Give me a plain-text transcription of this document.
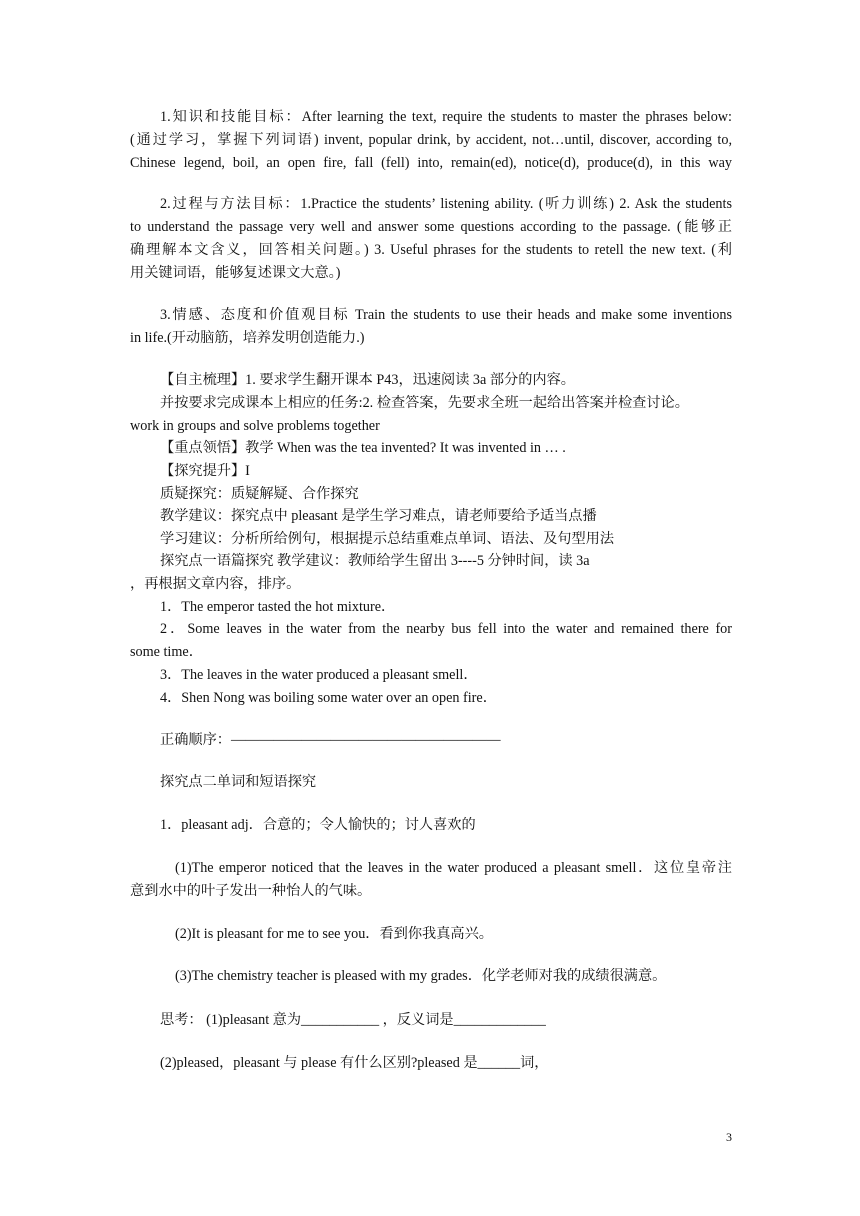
1.知识和技能目标：After learning the text, require the students to master the phrases below:
(通过学习，掌握下列词语) invent, popular drink, by accident, not…until, discover, according to,
Chinese legend, boil, an open fire, fall (fell) into, remain(ed), notice(d), produce(d), in this way
2.过程与方法目标：1.Practice the students’ listening ability. (听力训练) 2. Ask the students
to understand the passage very well and answer some questions according to the passage. (能够正
确理解本文含义，回答相关问题。) 3. Useful phrases for the students to retell the new text. (利
用关键词语，能够复述课文大意。)
3.情感、态度和价值观目标 Train the students to use their heads and make some inventions
in life.(开动脑筋，培养发明创造能力.)
【自主梳理】1. 要求学生翻开课本 P43，迅速阅读 3a 部分的内容。
并按要求完成课本上相应的任务:2. 检查答案，先要求全班一起给出答案并检查讨论。
work in groups and solve problems together
【重点领悟】教学 When was the tea invented? It was invented in … .
【探究提升】I
质疑探究：质疑解疑、合作探究
教学建议：探究点中 pleasant 是学生学习难点，请老师要给予适当点播
学习建议：分析所给例句，根据提示总结重难点单词、语法、及句型用法
探究点一语篇探究 教学建议：教师给学生留出 3----5 分钟时间，读 3a
，再根据文章内容，排序。
1．The emperor tasted the hot mixture．
2．Some leaves in the water from the nearby bus fell into the water and remained there for
some time．
3．The leaves in the water produced a pleasant smell．
4．Shen Nong was boiling some water over an open fire．
正确顺序：———————————————————
探究点二单词和短语探究
1．pleasant adj．合意的；令人愉快的；讨人喜欢的
(1)The emperor noticed that the leaves in the water produced a pleasant smell．这位皇帝注
意到水中的叶子发出一种怡人的气味。
(2)It is pleasant for me to see you．看到你我真高兴。
(3)The chemistry teacher is pleased with my grades．化学老师对我的成绩很满意。
思考： (1)pleasant 意为___________ ，反义词是_____________
(2)pleased，pleasant 与 please 有什么区别?pleased 是______词，
3
